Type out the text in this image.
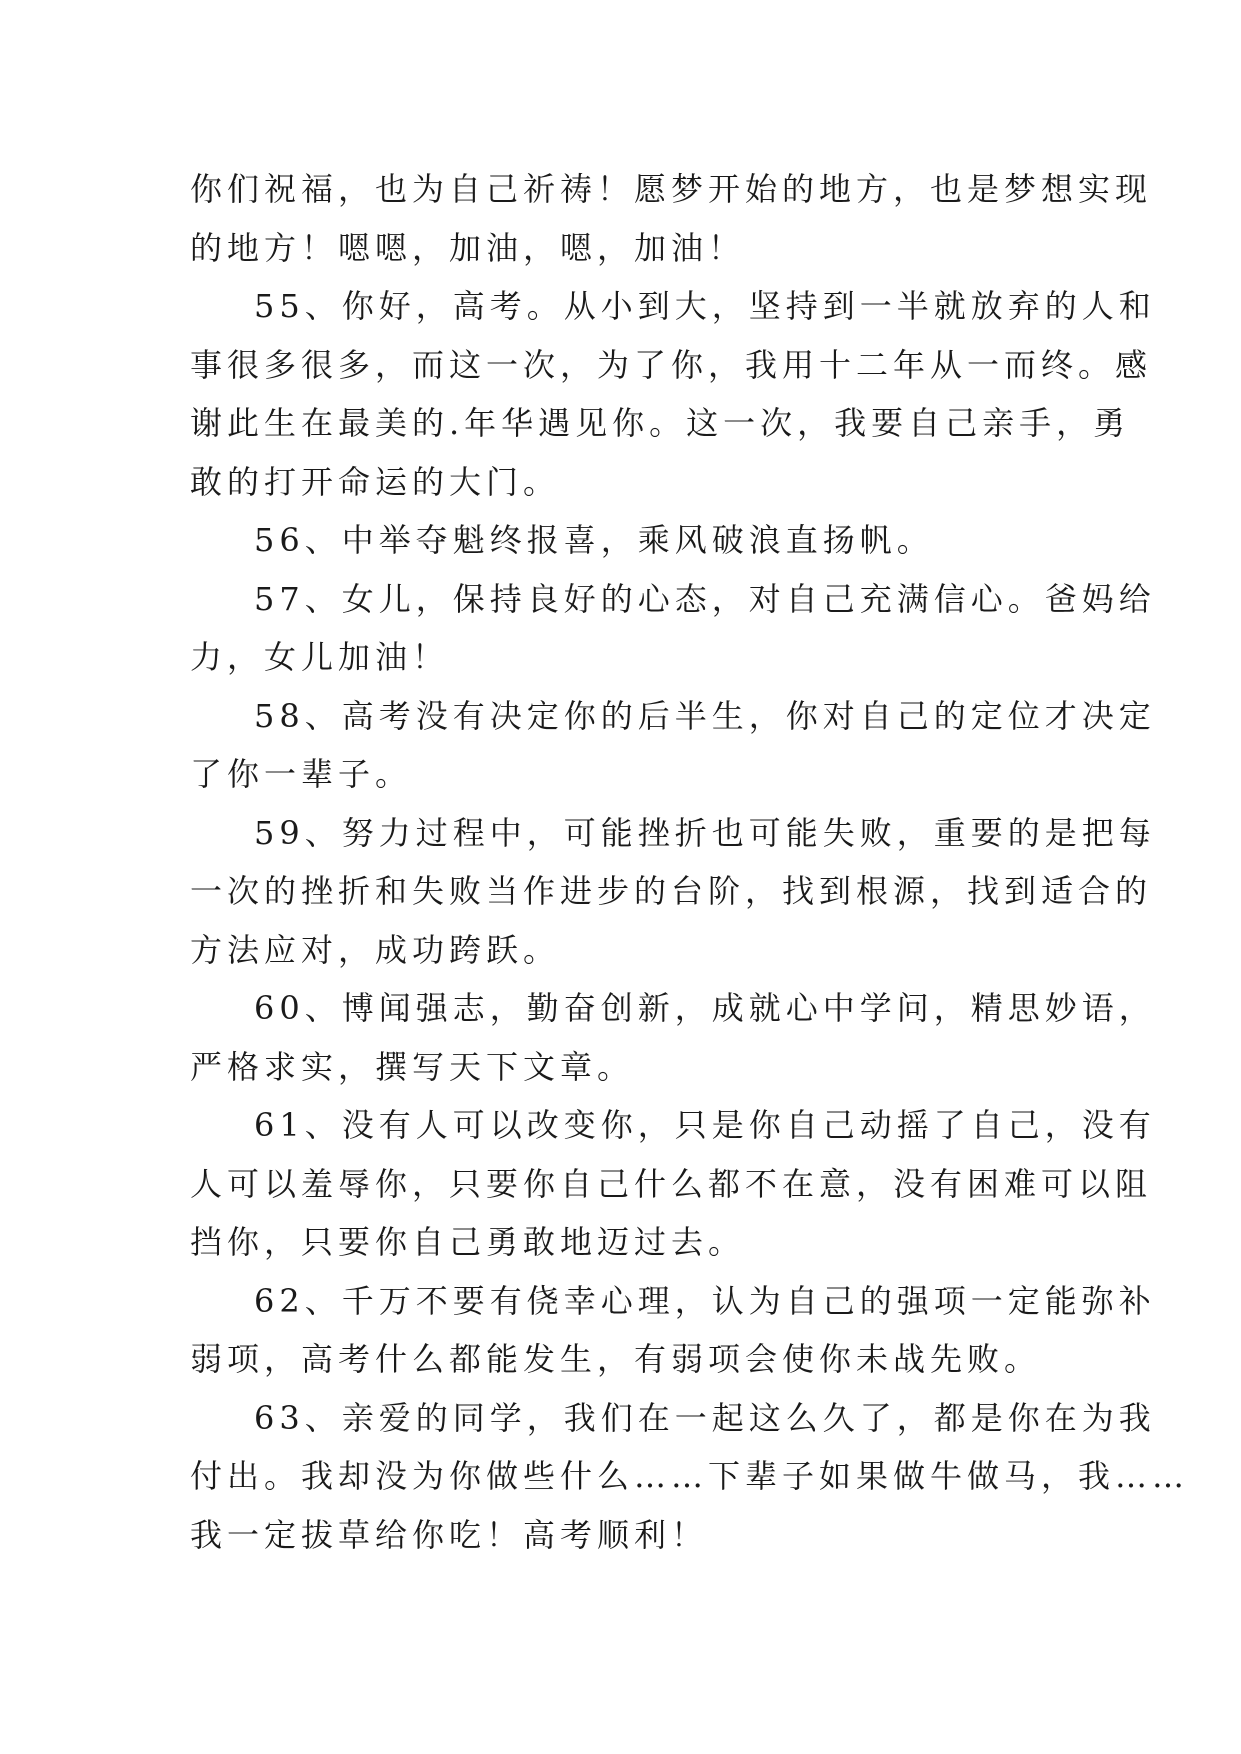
你们祝福，也为自己祈祷！愿梦开始的地方，也是梦想实现
的地方！嗯嗯，加油，嗯，加油！
55、你好，高考。从小到大，坚持到一半就放弃的人和
事很多很多，而这一次，为了你，我用十二年从一而终。感
谢此生在最美的.年华遇见你。这一次，我要自己亲手，勇
敢的打开命运的大门。
56、中举夺魁终报喜，乘风破浪直扬帆。
57、女儿，保持良好的心态，对自己充满信心。爸妈给
力，女儿加油！
58、高考没有决定你的后半生，你对自己的定位才决定
了你一辈子。
59、努力过程中，可能挫折也可能失败，重要的是把每
一次的挫折和失败当作进步的台阶，找到根源，找到适合的
方法应对，成功跨跃。
60、博闻强志，勤奋创新，成就心中学问，精思妙语，
严格求实，撰写天下文章。
61、没有人可以改变你，只是你自己动摇了自己，没有
人可以羞辱你，只要你自己什么都不在意，没有困难可以阻
挡你，只要你自己勇敢地迈过去。
62、千万不要有侥幸心理，认为自己的强项一定能弥补
弱项，高考什么都能发生，有弱项会使你未战先败。
63、亲爱的同学，我们在一起这么久了，都是你在为我
付出。我却没为你做些什么……下辈子如果做牛做马，我……
我一定拔草给你吃！高考顺利！
